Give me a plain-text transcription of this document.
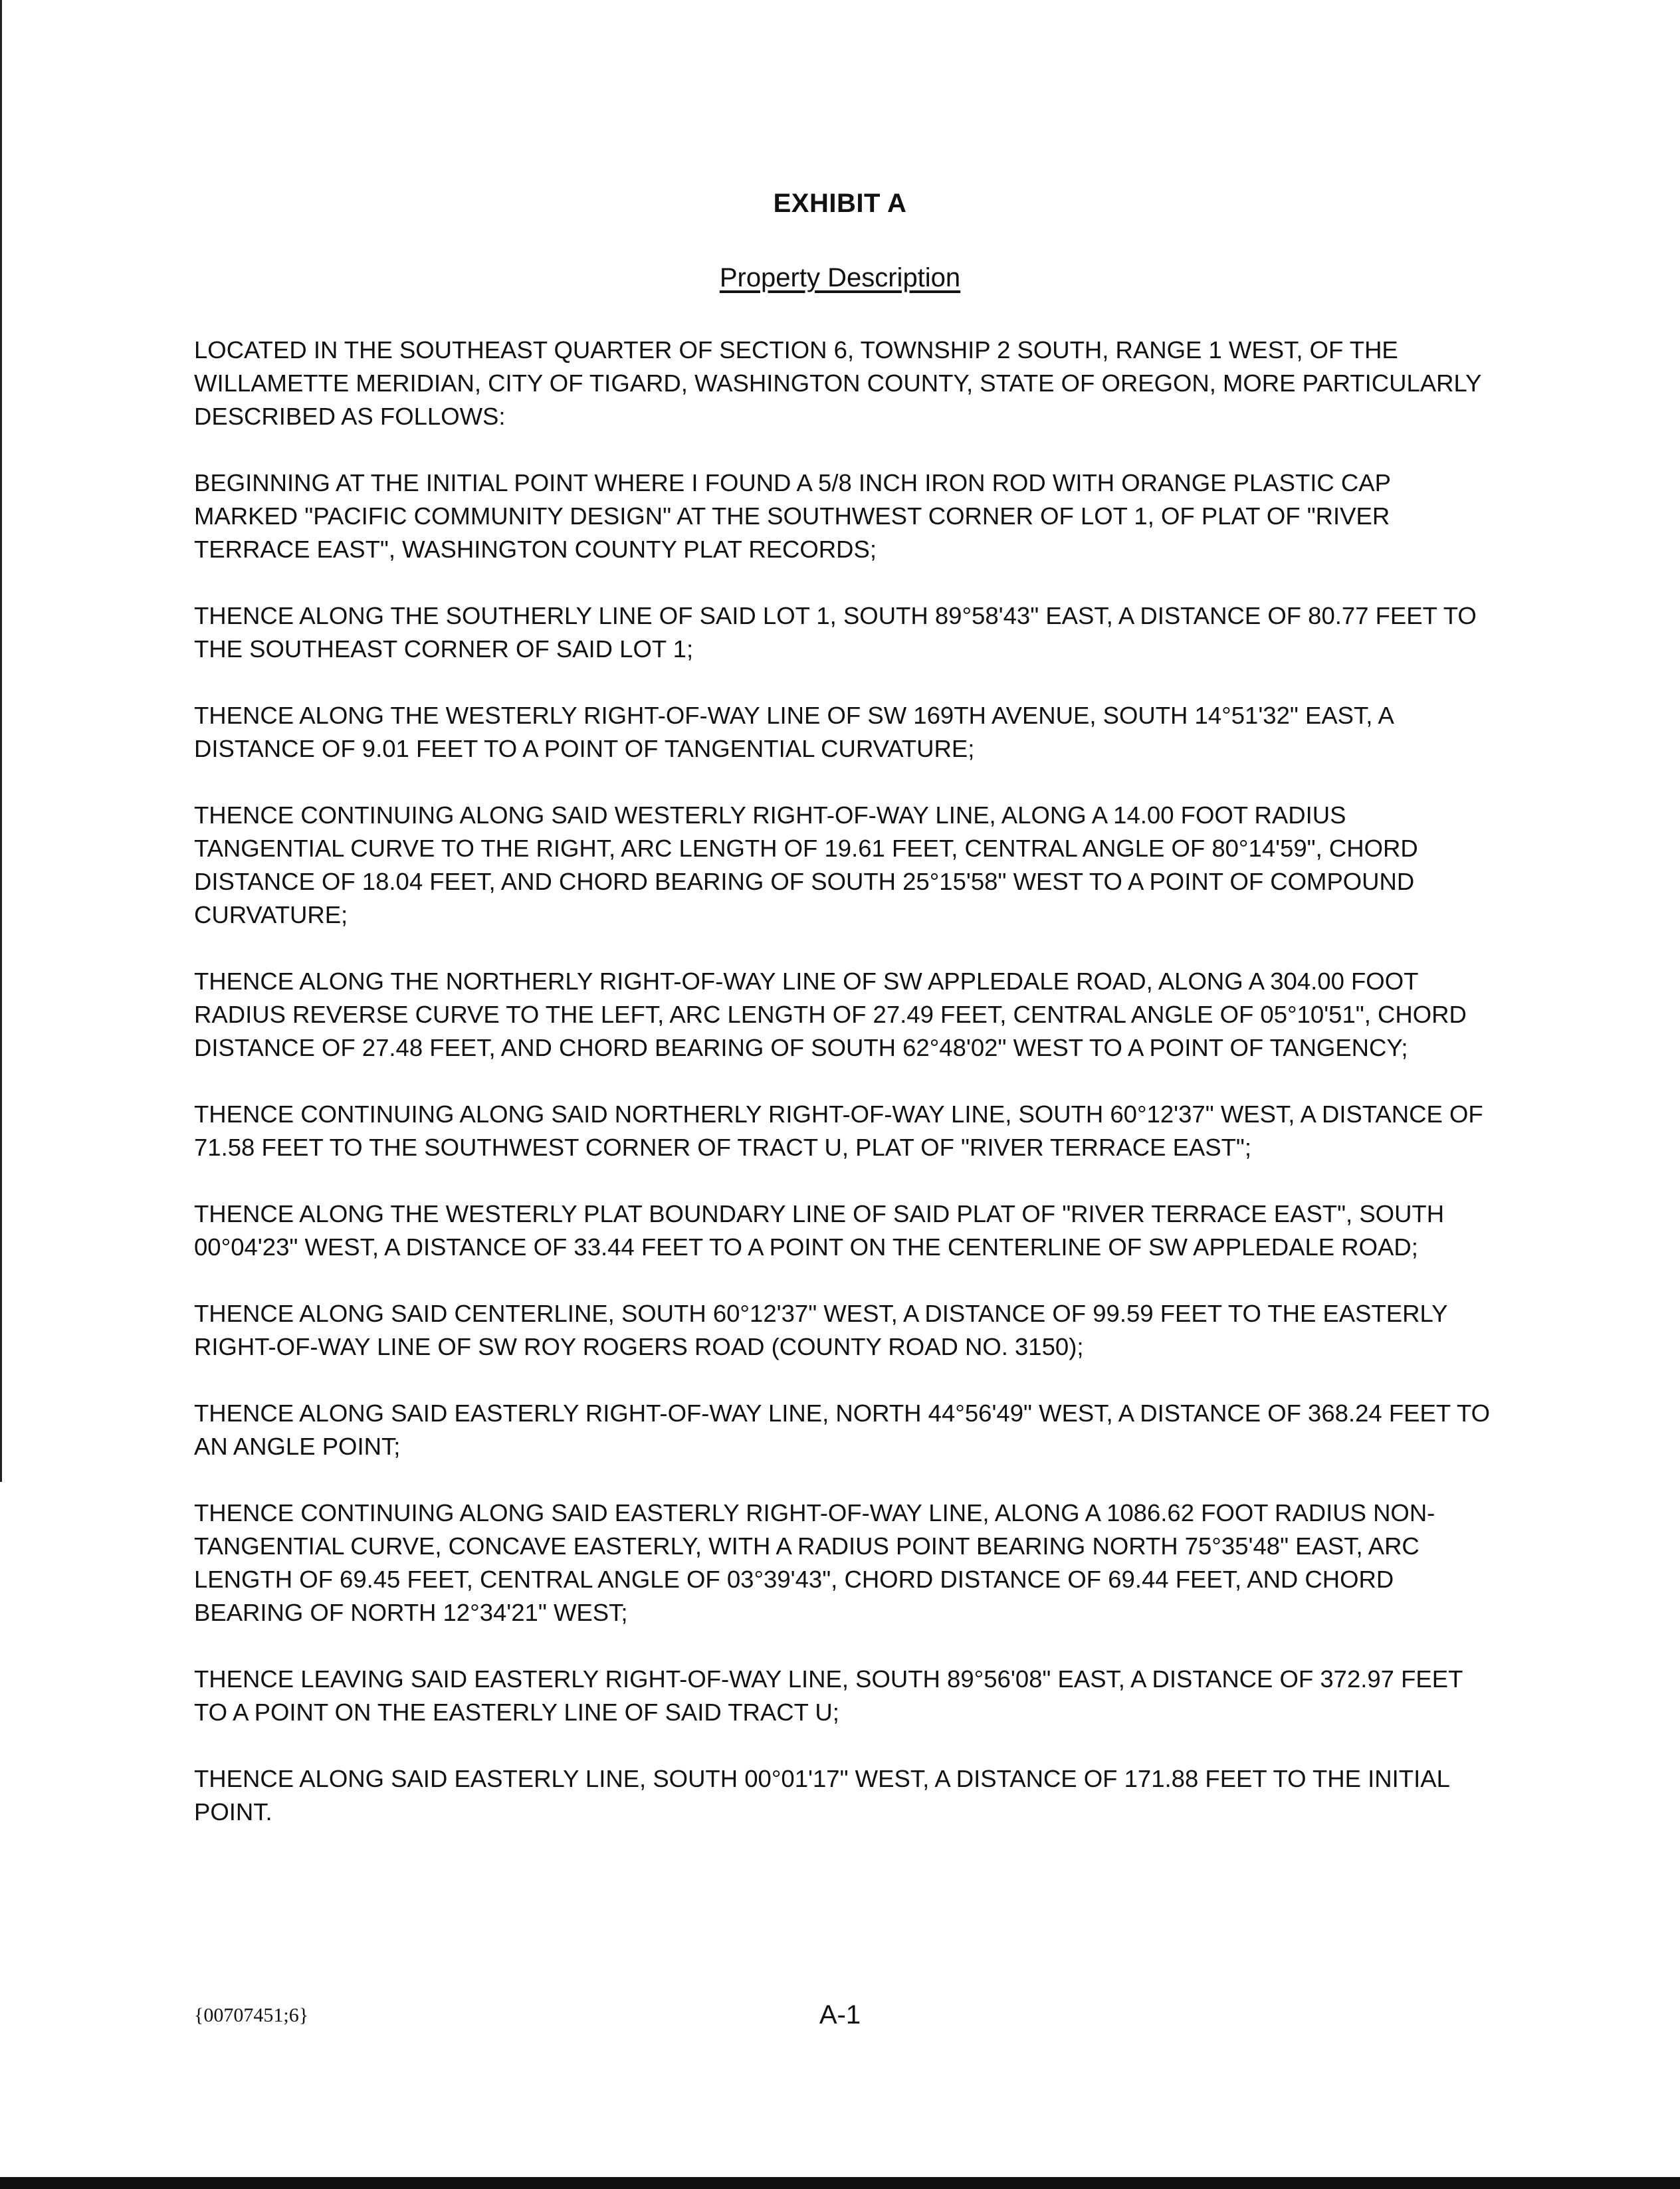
EXHIBIT A
Property Description

LOCATED IN THE SOUTHEAST QUARTER OF SECTION 6, TOWNSHIP 2 SOUTH, RANGE 1 WEST, OF THE WILLAMETTE MERIDIAN, CITY OF TIGARD, WASHINGTON COUNTY, STATE OF OREGON, MORE PARTICULARLY DESCRIBED AS FOLLOWS:

BEGINNING AT THE INITIAL POINT WHERE I FOUND A 5/8 INCH IRON ROD WITH ORANGE PLASTIC CAP MARKED "PACIFIC COMMUNITY DESIGN" AT THE SOUTHWEST CORNER OF LOT 1, OF PLAT OF "RIVER TERRACE EAST", WASHINGTON COUNTY PLAT RECORDS;

THENCE ALONG THE SOUTHERLY LINE OF SAID LOT 1, SOUTH 89°58'43" EAST, A DISTANCE OF 80.77 FEET TO THE SOUTHEAST CORNER OF SAID LOT 1;

THENCE ALONG THE WESTERLY RIGHT-OF-WAY LINE OF SW 169TH AVENUE, SOUTH 14°51'32" EAST, A DISTANCE OF 9.01 FEET TO A POINT OF TANGENTIAL CURVATURE;

THENCE CONTINUING ALONG SAID WESTERLY RIGHT-OF-WAY LINE, ALONG A 14.00 FOOT RADIUS TANGENTIAL CURVE TO THE RIGHT, ARC LENGTH OF 19.61 FEET, CENTRAL ANGLE OF 80°14'59", CHORD DISTANCE OF 18.04 FEET, AND CHORD BEARING OF SOUTH 25°15'58" WEST TO A POINT OF COMPOUND CURVATURE;

THENCE ALONG THE NORTHERLY RIGHT-OF-WAY LINE OF SW APPLEDALE ROAD, ALONG A 304.00 FOOT RADIUS REVERSE CURVE TO THE LEFT, ARC LENGTH OF 27.49 FEET, CENTRAL ANGLE OF 05°10'51", CHORD DISTANCE OF 27.48 FEET, AND CHORD BEARING OF SOUTH 62°48'02" WEST TO A POINT OF TANGENCY;

THENCE CONTINUING ALONG SAID NORTHERLY RIGHT-OF-WAY LINE, SOUTH 60°12'37" WEST, A DISTANCE OF 71.58 FEET TO THE SOUTHWEST CORNER OF TRACT U, PLAT OF "RIVER TERRACE EAST";

THENCE ALONG THE WESTERLY PLAT BOUNDARY LINE OF SAID PLAT OF "RIVER TERRACE EAST", SOUTH 00°04'23" WEST, A DISTANCE OF 33.44 FEET TO A POINT ON THE CENTERLINE OF SW APPLEDALE ROAD;

THENCE ALONG SAID CENTERLINE, SOUTH 60°12'37" WEST, A DISTANCE OF 99.59 FEET TO THE EASTERLY RIGHT-OF-WAY LINE OF SW ROY ROGERS ROAD (COUNTY ROAD NO. 3150);

THENCE ALONG SAID EASTERLY RIGHT-OF-WAY LINE, NORTH 44°56'49" WEST, A DISTANCE OF 368.24 FEET TO AN ANGLE POINT;

THENCE CONTINUING ALONG SAID EASTERLY RIGHT-OF-WAY LINE, ALONG A 1086.62 FOOT RADIUS NON-TANGENTIAL CURVE, CONCAVE EASTERLY, WITH A RADIUS POINT BEARING NORTH 75°35'48" EAST, ARC LENGTH OF 69.45 FEET, CENTRAL ANGLE OF 03°39'43", CHORD DISTANCE OF 69.44 FEET, AND CHORD BEARING OF NORTH 12°34'21" WEST;

THENCE LEAVING SAID EASTERLY RIGHT-OF-WAY LINE, SOUTH 89°56'08" EAST, A DISTANCE OF 372.97 FEET TO A POINT ON THE EASTERLY LINE OF SAID TRACT U;

THENCE ALONG SAID EASTERLY LINE, SOUTH 00°01'17" WEST, A DISTANCE OF 171.88 FEET TO THE INITIAL POINT.

{00707451;6}	A-1
